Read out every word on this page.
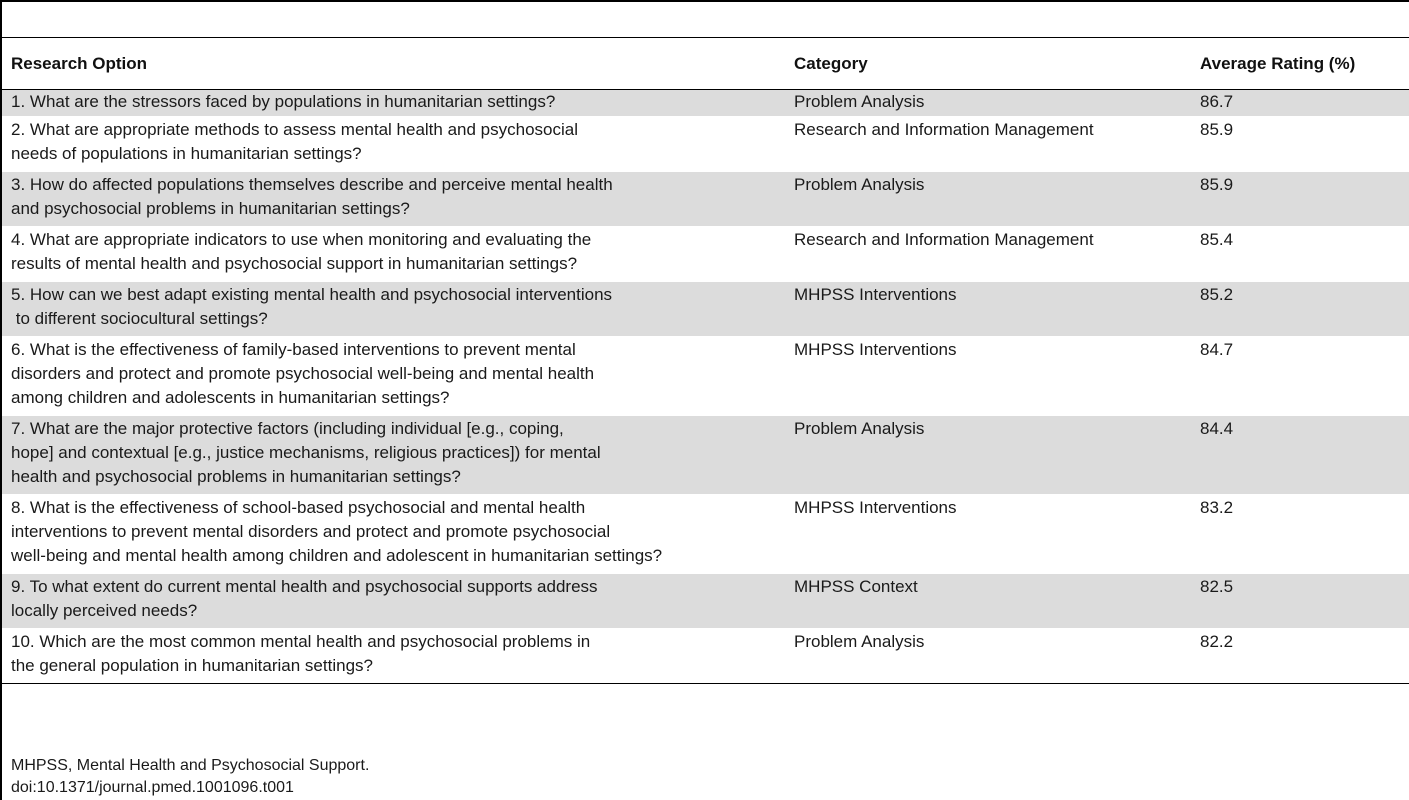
Research Option	Category	Average Rating (%)

1. What are the stressors faced by populations in humanitarian settings?	Problem Analysis	86.7

2. What are appropriate methods to assess mental health and psychosocial
needs of populations in humanitarian settings?	Research and Information Management	85.9

3. How do affected populations themselves describe and perceive mental health
and psychosocial problems in humanitarian settings?	Problem Analysis	85.9

4. What are appropriate indicators to use when monitoring and evaluating the
results of mental health and psychosocial support in humanitarian settings?	Research and Information Management	85.4

5. How can we best adapt existing mental health and psychosocial interventions
to different sociocultural settings?	MHPSS Interventions	85.2

6. What is the effectiveness of family-based interventions to prevent mental
disorders and protect and promote psychosocial well-being and mental health
among children and adolescents in humanitarian settings?	MHPSS Interventions	84.7

7. What are the major protective factors (including individual [e.g., coping,
hope] and contextual [e.g., justice mechanisms, religious practices]) for mental
health and psychosocial problems in humanitarian settings?	Problem Analysis	84.4

8. What is the effectiveness of school-based psychosocial and mental health
interventions to prevent mental disorders and protect and promote psychosocial
well-being and mental health among children and adolescent in humanitarian settings?	MHPSS Interventions	83.2

9. To what extent do current mental health and psychosocial supports address
locally perceived needs?	MHPSS Context	82.5

10. Which are the most common mental health and psychosocial problems in
the general population in humanitarian settings?	Problem Analysis	82.2
MHPSS, Mental Health and Psychosocial Support.
doi:10.1371/journal.pmed.1001096.t001
